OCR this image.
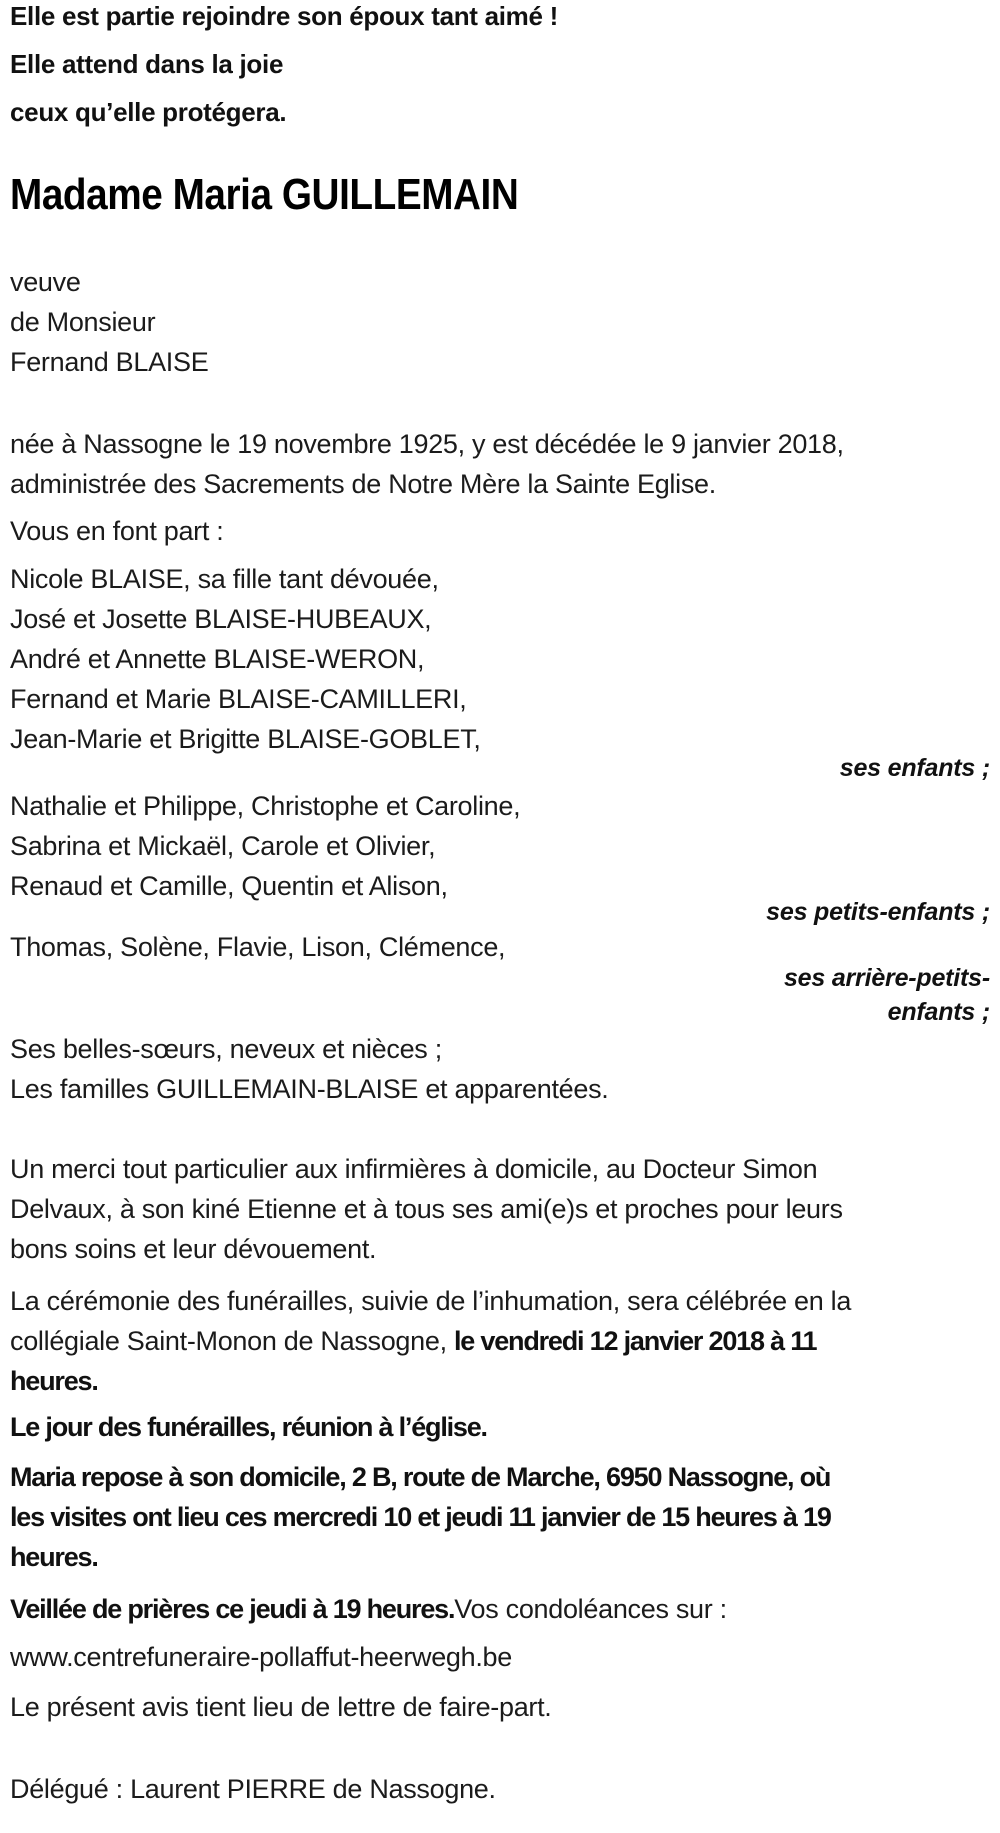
Elle est partie rejoindre son époux tant aimé !
Elle attend dans la joie
ceux qu’elle protégera.
Madame Maria GUILLEMAIN
veuve
de Monsieur
Fernand BLAISE
née à Nassogne le 19 novembre 1925, y est décédée le 9 janvier 2018,
administrée des Sacrements de Notre Mère la Sainte Eglise.
Vous en font part :
Nicole BLAISE, sa fille tant dévouée,
José et Josette BLAISE-HUBEAUX,
André et Annette BLAISE-WERON,
Fernand et Marie BLAISE-CAMILLERI,
Jean-Marie et Brigitte BLAISE-GOBLET,
ses enfants ;
Nathalie et Philippe, Christophe et Caroline,
Sabrina et Mickaël, Carole et Olivier,
Renaud et Camille, Quentin et Alison,
ses petits-enfants ;
Thomas, Solène, Flavie, Lison, Clémence,
ses arrière-petits-
enfants ;
Ses belles-sœurs, neveux et nièces ;
Les familles GUILLEMAIN-BLAISE et apparentées.
Un merci tout particulier aux infirmières à domicile, au Docteur Simon
Delvaux, à son kiné Etienne et à tous ses ami(e)s et proches pour leurs
bons soins et leur dévouement.
La cérémonie des funérailles, suivie de l’inhumation, sera célébrée en la
collégiale Saint-Monon de Nassogne, le vendredi 12 janvier 2018 à 11
heures.
Le jour des funérailles, réunion à l’église.
Maria repose à son domicile, 2 B, route de Marche, 6950 Nassogne, où
les visites ont lieu ces mercredi 10 et jeudi 11 janvier de 15 heures à 19
heures.
Veillée de prières ce jeudi à 19 heures.Vos condoléances sur :
www.centrefuneraire-pollaffut-heerwegh.be
Le présent avis tient lieu de lettre de faire-part.
Délégué : Laurent PIERRE de Nassogne.
